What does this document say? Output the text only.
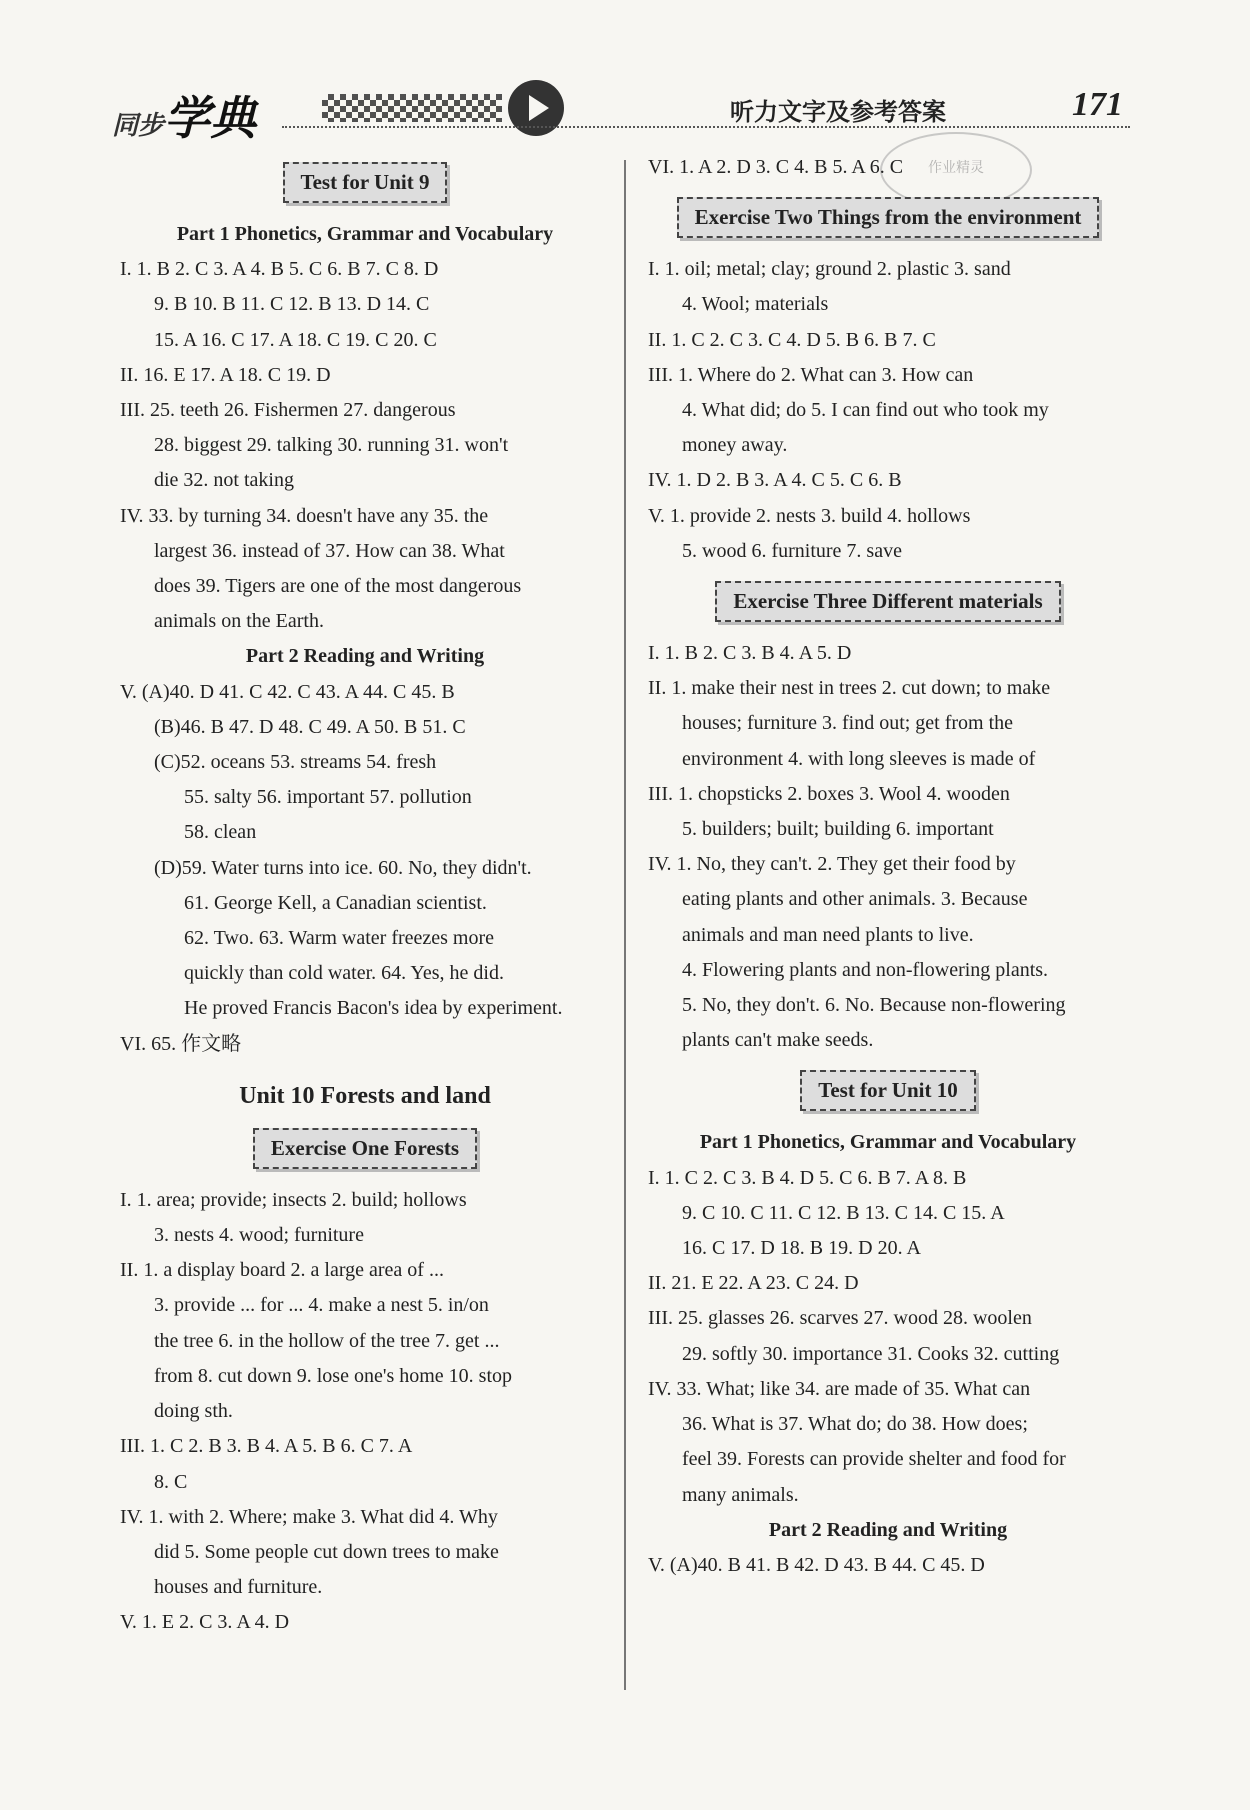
同步学典	听力文字及参考答案	171
作业精灵
Test for Unit 9
Part 1 Phonetics, Grammar and Vocabulary
I. 1. B 2. C 3. A 4. B 5. C 6. B 7. C 8. D
9. B 10. B 11. C 12. B 13. D 14. C
15. A 16. C 17. A 18. C 19. C 20. C
II. 16. E 17. A 18. C 19. D
III. 25. teeth 26. Fishermen 27. dangerous
28. biggest 29. talking 30. running 31. won't
die 32. not taking
IV. 33. by turning 34. doesn't have any 35. the
largest 36. instead of 37. How can 38. What
does 39. Tigers are one of the most dangerous
animals on the Earth.
Part 2 Reading and Writing
V. (A)40. D 41. C 42. C 43. A 44. C 45. B
(B)46. B 47. D 48. C 49. A 50. B 51. C
(C)52. oceans 53. streams 54. fresh
55. salty 56. important 57. pollution
58. clean
(D)59. Water turns into ice. 60. No, they didn't.
61. George Kell, a Canadian scientist.
62. Two. 63. Warm water freezes more
quickly than cold water. 64. Yes, he did.
He proved Francis Bacon's idea by experiment.
VI. 65. 作文略
Unit 10 Forests and land
Exercise One Forests
I. 1. area; provide; insects 2. build; hollows
3. nests 4. wood; furniture
II. 1. a display board 2. a large area of ...
3. provide ... for ... 4. make a nest 5. in/on
the tree 6. in the hollow of the tree 7. get ...
from 8. cut down 9. lose one's home 10. stop
doing sth.
III. 1. C 2. B 3. B 4. A 5. B 6. C 7. A
8. C
IV. 1. with 2. Where; make 3. What did 4. Why
did 5. Some people cut down trees to make
houses and furniture.
V. 1. E 2. C 3. A 4. D
VI. 1. A 2. D 3. C 4. B 5. A 6. C
Exercise Two Things from the environment
I. 1. oil; metal; clay; ground 2. plastic 3. sand
4. Wool; materials
II. 1. C 2. C 3. C 4. D 5. B 6. B 7. C
III. 1. Where do 2. What can 3. How can
4. What did; do 5. I can find out who took my
money away.
IV. 1. D 2. B 3. A 4. C 5. C 6. B
V. 1. provide 2. nests 3. build 4. hollows
5. wood 6. furniture 7. save
Exercise Three Different materials
I. 1. B 2. C 3. B 4. A 5. D
II. 1. make their nest in trees 2. cut down; to make
houses; furniture 3. find out; get from the
environment 4. with long sleeves is made of
III. 1. chopsticks 2. boxes 3. Wool 4. wooden
5. builders; built; building 6. important
IV. 1. No, they can't. 2. They get their food by
eating plants and other animals. 3. Because
animals and man need plants to live.
4. Flowering plants and non-flowering plants.
5. No, they don't. 6. No. Because non-flowering
plants can't make seeds.
Test for Unit 10
Part 1 Phonetics, Grammar and Vocabulary
I. 1. C 2. C 3. B 4. D 5. C 6. B 7. A 8. B
9. C 10. C 11. C 12. B 13. C 14. C 15. A
16. C 17. D 18. B 19. D 20. A
II. 21. E 22. A 23. C 24. D
III. 25. glasses 26. scarves 27. wood 28. woolen
29. softly 30. importance 31. Cooks 32. cutting
IV. 33. What; like 34. are made of 35. What can
36. What is 37. What do; do 38. How does;
feel 39. Forests can provide shelter and food for
many animals.
Part 2 Reading and Writing
V. (A)40. B 41. B 42. D 43. B 44. C 45. D
